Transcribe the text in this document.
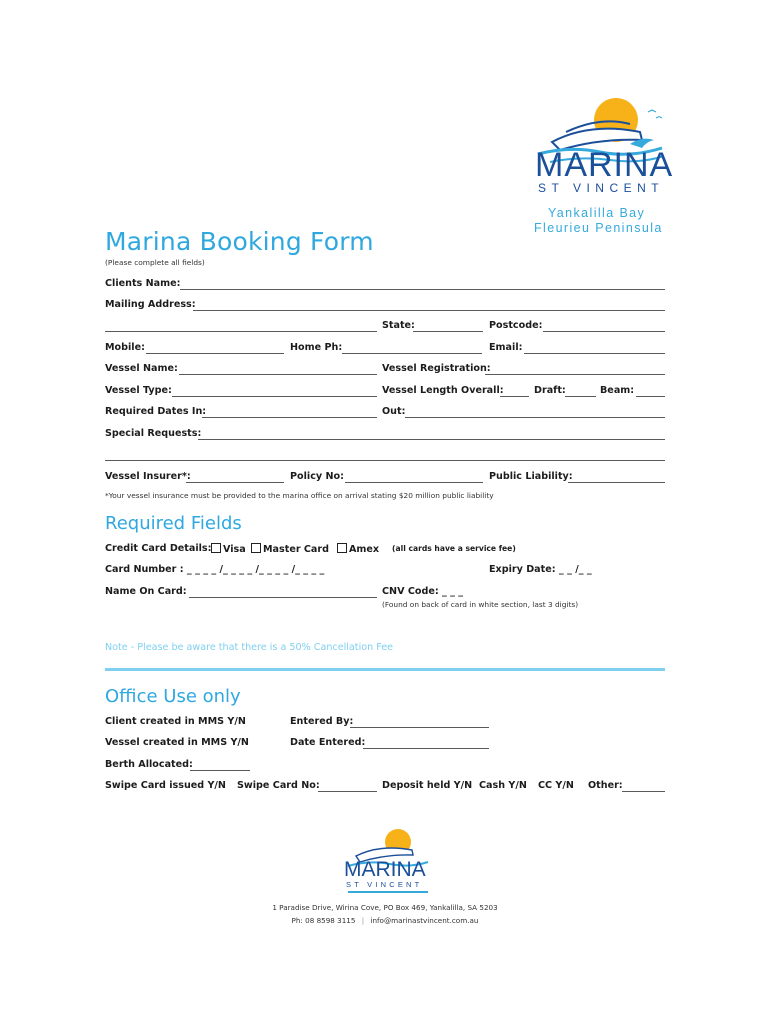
MARINA
ST VINCENT
Yankalilla Bay
Fleurieu Peninsula
Marina Booking Form
(Please complete all fields)
Clients Name:
Mailing Address:
State:	Postcode:
Mobile:	Home Ph:	Email:
Vessel Name:	Vessel Registration:
Vessel Type:	Vessel Length Overall:	Draft:	Beam:
Required Dates In:	Out:
Special Requests:
Vessel Insurer*:	Policy No:	Public Liability:
*Your vessel insurance must be provided to the marina office on arrival stating $20 million public liability
Required Fields
Credit Card Details:	Visa	Master Card	Amex (all cards have a service fee)
Card Number : _ _ _ _ /_ _ _ _ /_ _ _ _ /_ _ _ _	Expiry Date: _ _ /_ _
Name On Card:	CNV Code: _ _ _
(Found on back of card in white section, last 3 digits)
Note - Please be aware that there is a 50% Cancellation Fee
Office Use only
Client created in MMS Y/N	Entered By:
Vessel created in MMS Y/N	Date Entered:
Berth Allocated:
Swipe Card issued Y/N Swipe Card No:	Deposit held Y/N Cash Y/N CC Y/N Other:
MARINA
ST VINCENT
1 Paradise Drive, Wirina Cove, PO Box 469, Yankalilla, SA 5203
Ph: 08 8598 3115 | info@marinastvincent.com.au
